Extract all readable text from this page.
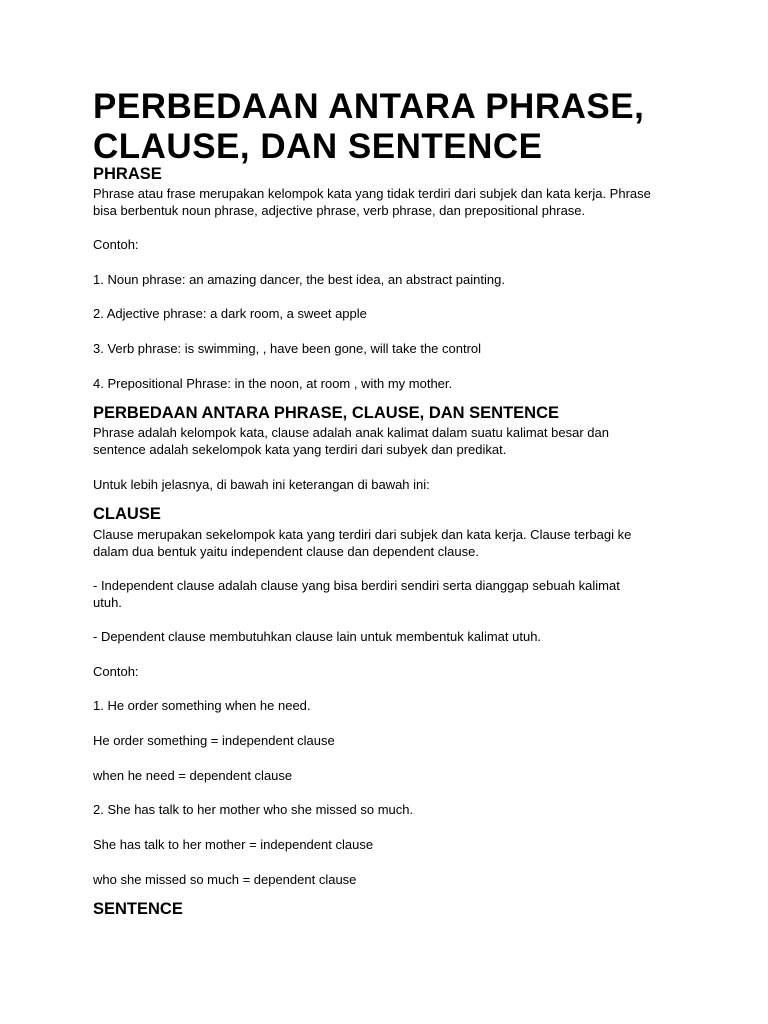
PERBEDAAN ANTARA PHRASE,
CLAUSE, DAN SENTENCE
PHRASE

Phrase atau frase merupakan kelompok kata yang tidak terdiri dari subjek dan kata kerja. Phrase

bisa berbentuk noun phrase, adjective phrase, verb phrase, dan prepositional phrase.

Contoh:

1. Noun phrase: an amazing dancer, the best idea, an abstract painting.

2. Adjective phrase: a dark room, a sweet apple

3. Verb phrase: is swimming, , have been gone, will take the control

4. Prepositional Phrase: in the noon, at room , with my mother.

PERBEDAAN ANTARA PHRASE, CLAUSE, DAN SENTENCE

Phrase adalah kelompok kata, clause adalah anak kalimat dalam suatu kalimat besar dan

sentence adalah sekelompok kata yang terdiri dari subyek dan predikat.

Untuk lebih jelasnya, di bawah ini keterangan di bawah ini:

CLAUSE

Clause merupakan sekelompok kata yang terdiri dari subjek dan kata kerja. Clause terbagi ke

dalam dua bentuk yaitu independent clause dan dependent clause.

- Independent clause adalah clause yang bisa berdiri sendiri serta dianggap sebuah kalimat

utuh.

- Dependent clause membutuhkan clause lain untuk membentuk kalimat utuh.

Contoh:

1. He order something when he need.

He order something = independent clause

when he need = dependent clause

2. She has talk to her mother who she missed so much.

She has talk to her mother = independent clause

who she missed so much = dependent clause

SENTENCE
